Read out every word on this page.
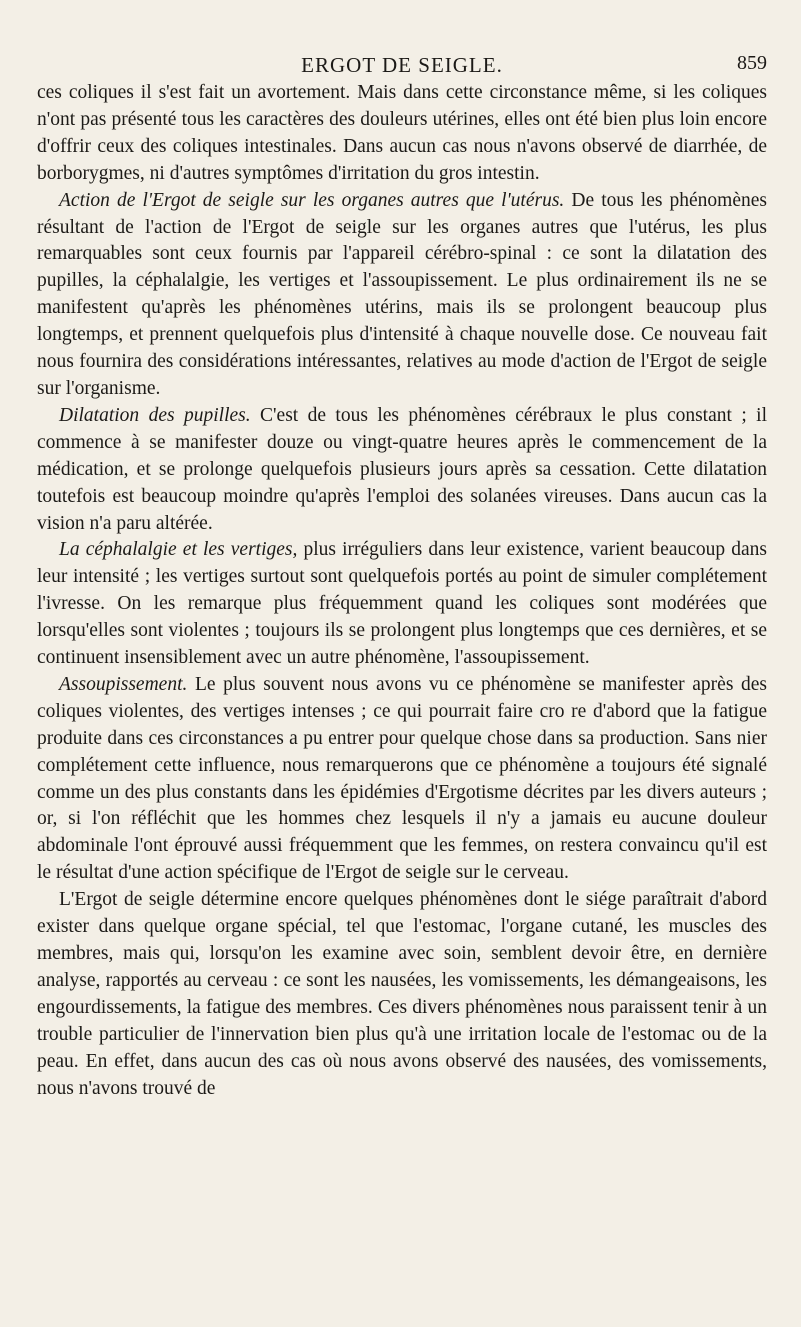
ERGOT DE SEIGLE.	859

ces coliques il s'est fait un avortement. Mais dans cette circonstance même, si les coliques n'ont pas présenté tous les caractères des douleurs utérines, elles ont été bien plus loin encore d'offrir ceux des coliques intestinales. Dans aucun cas nous n'avons observé de diarrhée, de borborygmes, ni d'autres symptômes d'irritation du gros intestin.

Action de l'Ergot de seigle sur les organes autres que l'utérus. De tous les phénomènes résultant de l'action de l'Ergot de seigle sur les organes autres que l'utérus, les plus remarquables sont ceux fournis par l'appareil cérébro-spinal : ce sont la dilatation des pupilles, la céphalalgie, les vertiges et l'assoupissement. Le plus ordinairement ils ne se manifestent qu'après les phénomènes utérins, mais ils se prolongent beaucoup plus longtemps, et prennent quelquefois plus d'intensité à chaque nouvelle dose. Ce nouveau fait nous fournira des considérations intéressantes, relatives au mode d'action de l'Ergot de seigle sur l'organisme.

Dilatation des pupilles. C'est de tous les phénomènes cérébraux le plus constant ; il commence à se manifester douze ou vingt-quatre heures après le commencement de la médication, et se prolonge quelquefois plusieurs jours après sa cessation. Cette dilatation toutefois est beaucoup moindre qu'après l'emploi des solanées vireuses. Dans aucun cas la vision n'a paru altérée.

La céphalalgie et les vertiges, plus irréguliers dans leur existence, varient beaucoup dans leur intensité ; les vertiges surtout sont quelquefois portés au point de simuler complétement l'ivresse. On les remarque plus fréquemment quand les coliques sont modérées que lorsqu'elles sont violentes ; toujours ils se prolongent plus longtemps que ces dernières, et se continuent insensiblement avec un autre phénomène, l'assoupissement.

Assoupissement. Le plus souvent nous avons vu ce phénomène se manifester après des coliques violentes, des vertiges intenses ; ce qui pourrait faire cro re d'abord que la fatigue produite dans ces circonstances a pu entrer pour quelque chose dans sa production. Sans nier complétement cette influence, nous remarquerons que ce phénomène a toujours été signalé comme un des plus constants dans les épidémies d'Ergotisme décrites par les divers auteurs ; or, si l'on réfléchit que les hommes chez lesquels il n'y a jamais eu aucune douleur abdominale l'ont éprouvé aussi fréquemment que les femmes, on restera convaincu qu'il est le résultat d'une action spécifique de l'Ergot de seigle sur le cerveau.

L'Ergot de seigle détermine encore quelques phénomènes dont le siége paraîtrait d'abord exister dans quelque organe spécial, tel que l'estomac, l'organe cutané, les muscles des membres, mais qui, lorsqu'on les examine avec soin, semblent devoir être, en dernière analyse, rapportés au cerveau : ce sont les nausées, les vomissements, les démangeaisons, les engourdissements, la fatigue des membres. Ces divers phénomènes nous paraissent tenir à un trouble particulier de l'innervation bien plus qu'à une irritation locale de l'estomac ou de la peau. En effet, dans aucun des cas où nous avons observé des nausées, des vomissements, nous n'avons trouvé de
